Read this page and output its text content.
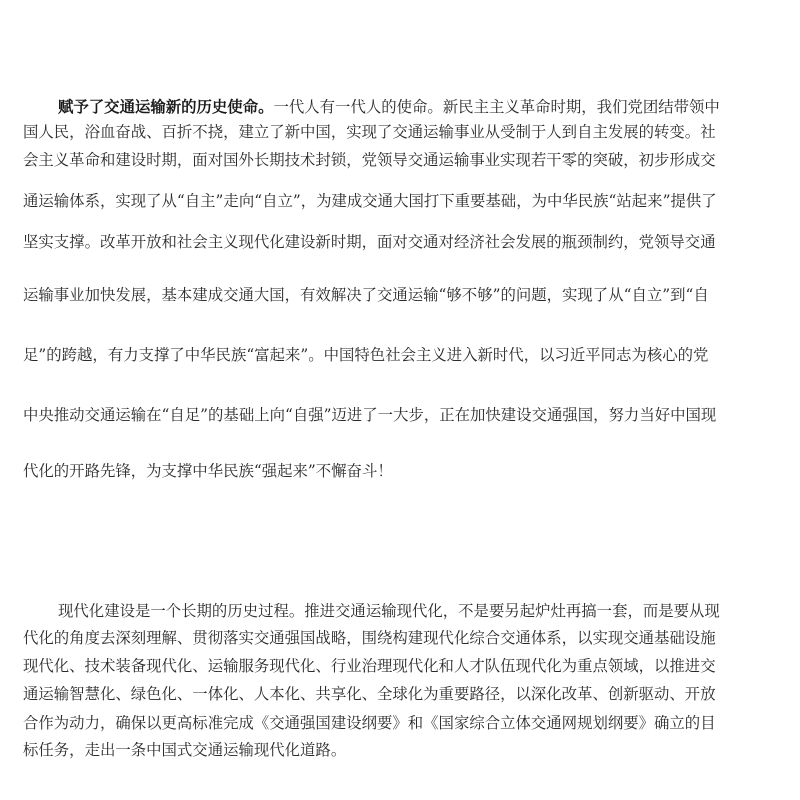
赋予了交通运输新的历史使命。一代人有一代人的使命。新民主主义革命时期，我们党团结带领中
国人民，浴血奋战、百折不挠，建立了新中国，实现了交通运输事业从受制于人到自主发展的转变。社
会主义革命和建设时期，面对国外长期技术封锁，党领导交通运输事业实现若干零的突破，初步形成交
通运输体系，实现了从“自主”走向“自立”，为建成交通大国打下重要基础，为中华民族“站起来”提供了
坚实支撑。改革开放和社会主义现代化建设新时期，面对交通对经济社会发展的瓶颈制约，党领导交通
运输事业加快发展，基本建成交通大国，有效解决了交通运输“够不够”的问题，实现了从“自立”到“自
足”的跨越，有力支撑了中华民族“富起来”。中国特色社会主义进入新时代，以习近平同志为核心的党
中央推动交通运输在“自足”的基础上向“自强”迈进了一大步，正在加快建设交通强国，努力当好中国现
代化的开路先锋，为支撑中华民族“强起来”不懈奋斗！
现代化建设是一个长期的历史过程。推进交通运输现代化，不是要另起炉灶再搞一套，而是要从现
代化的角度去深刻理解、贯彻落实交通强国战略，围绕构建现代化综合交通体系，以实现交通基础设施
现代化、技术装备现代化、运输服务现代化、行业治理现代化和人才队伍现代化为重点领域，以推进交
通运输智慧化、绿色化、一体化、人本化、共享化、全球化为重要路径，以深化改革、创新驱动、开放
合作为动力，确保以更高标准完成《交通强国建设纲要》和《国家综合立体交通网规划纲要》确立的目
标任务，走出一条中国式交通运输现代化道路。
